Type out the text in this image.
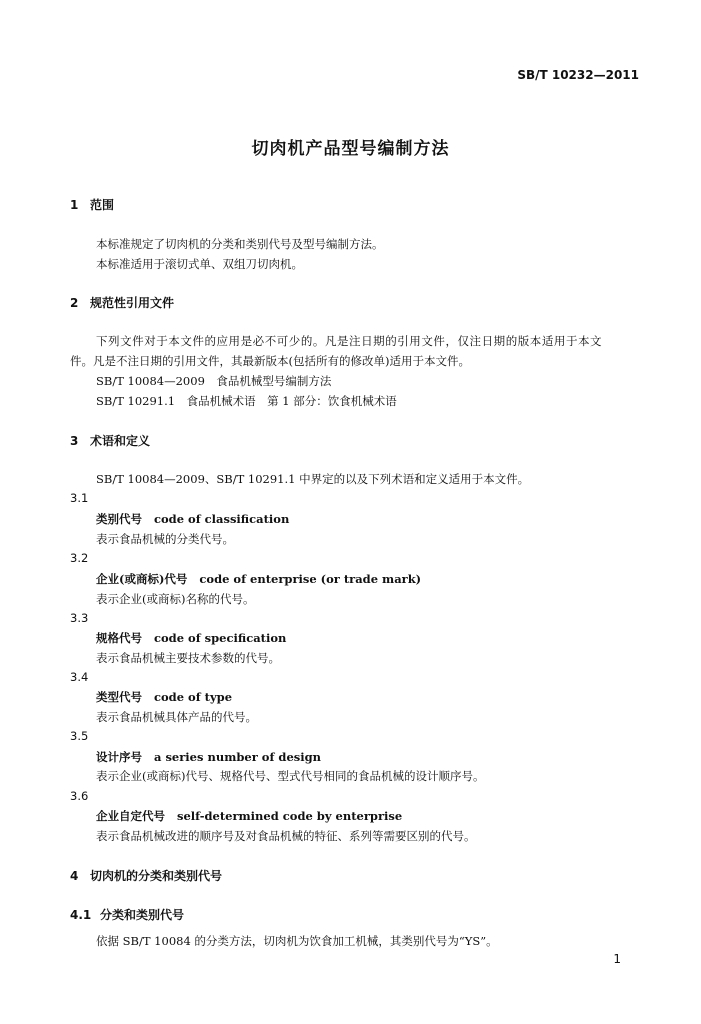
SB/T 10232—2011
切肉机产品型号编制方法
1 范围
本标准规定了切肉机的分类和类别代号及型号编制方法。
本标准适用于滚切式单、双组刀切肉机。
2 规范性引用文件
下列文件对于本文件的应用是必不可少的。凡是注日期的引用文件，仅注日期的版本适用于本文
件。凡是不注日期的引用文件，其最新版本(包括所有的修改单)适用于本文件。
SB/T 10084—2009　食品机械型号编制方法
SB/T 10291.1　食品机械术语　第 1 部分：饮食机械术语
3 术语和定义
SB/T 10084—2009、SB/T 10291.1 中界定的以及下列术语和定义适用于本文件。
3.1
类别代号 code of classification
表示食品机械的分类代号。
3.2
企业(或商标)代号 code of enterprise (or trade mark)
表示企业(或商标)名称的代号。
3.3
规格代号 code of specification
表示食品机械主要技术参数的代号。
3.4
类型代号 code of type
表示食品机械具体产品的代号。
3.5
设计序号 a series number of design
表示企业(或商标)代号、规格代号、型式代号相同的食品机械的设计顺序号。
3.6
企业自定代号 self-determined code by enterprise
表示食品机械改进的顺序号及对食品机械的特征、系列等需要区别的代号。
4 切肉机的分类和类别代号
4.1 分类和类别代号
依据 SB/T 10084 的分类方法，切肉机为饮食加工机械，其类别代号为“YS”。
1
